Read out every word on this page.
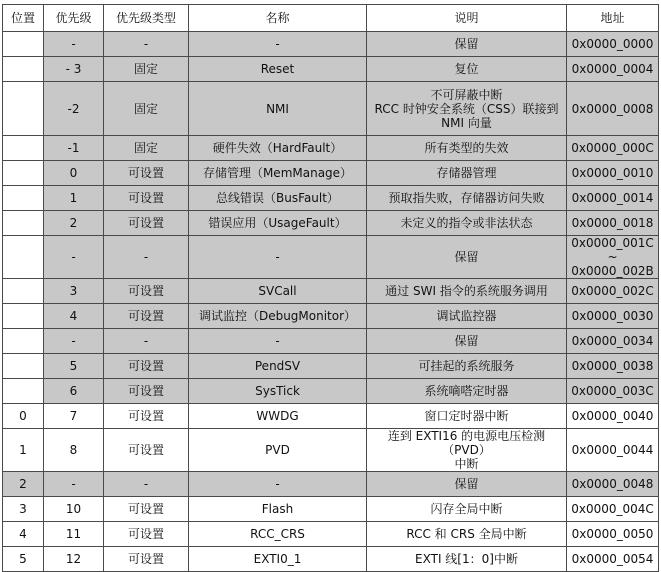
位置	优先级	优先级类型	名称	说明	地址
	-	-	-	保留	0x0000_0000
	- 3	固定	Reset	复位	0x0000_0004
	-2	固定	NMI	不可屏蔽中断
RCC 时钟安全系统（CSS）联接到
NMI 向量	0x0000_0008
	-1	固定	硬件失效（HardFault）	所有类型的失效	0x0000_000C
	0	可设置	存储管理（MemManage）	存储器管理	0x0000_0010
	1	可设置	总线错误（BusFault）	预取指失败，存储器访问失败	0x0000_0014
	2	可设置	错误应用（UsageFault）	未定义的指令或非法状态	0x0000_0018
	-	-	-	保留	0x0000_001C
~
0x0000_002B
	3	可设置	SVCall	通过 SWI 指令的系统服务调用	0x0000_002C
	4	可设置	调试监控（DebugMonitor）	调试监控器	0x0000_0030
	-	-	-	保留	0x0000_0034
	5	可设置	PendSV	可挂起的系统服务	0x0000_0038
	6	可设置	SysTick	系统嘀嗒定时器	0x0000_003C
0	7	可设置	WWDG	窗口定时器中断	0x0000_0040
1	8	可设置	PVD	连到 EXTI16 的电源电压检测（PVD）
中断	0x0000_0044
2	-	-	-	保留	0x0000_0048
3	10	可设置	Flash	闪存全局中断	0x0000_004C
4	11	可设置	RCC_CRS	RCC 和 CRS 全局中断	0x0000_0050
5	12	可设置	EXTI0_1	EXTI 线[1：0]中断	0x0000_0054
